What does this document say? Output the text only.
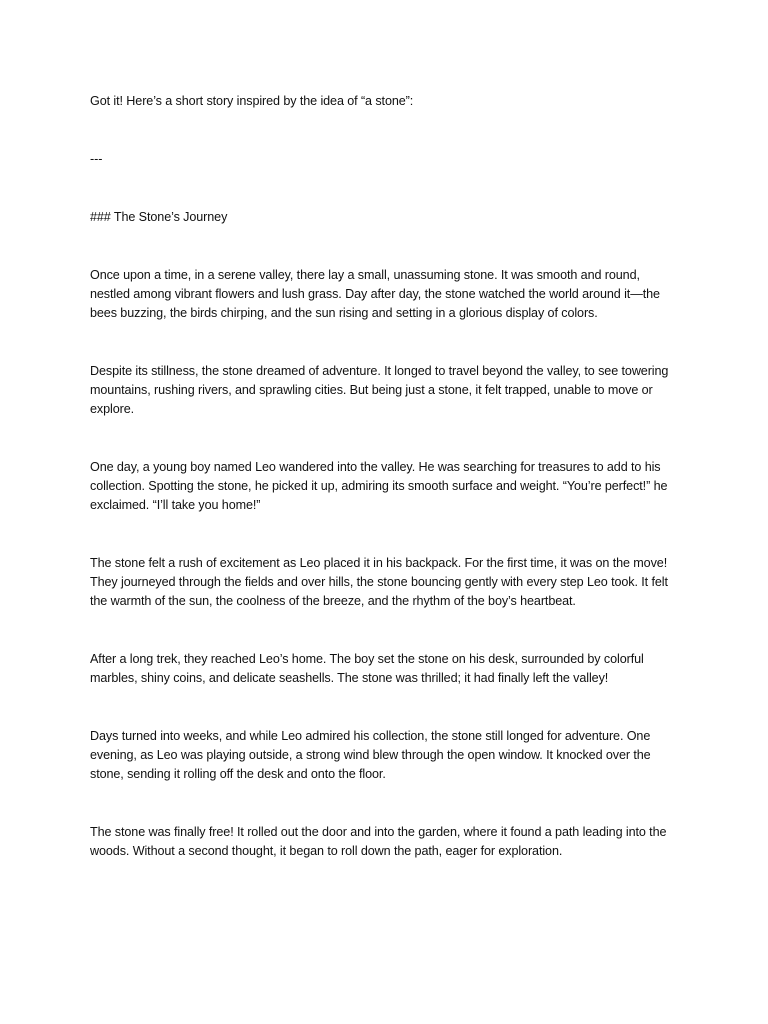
Got it! Here’s a short story inspired by the idea of “a stone”:

---

### The Stone’s Journey

Once upon a time, in a serene valley, there lay a small, unassuming stone. It was smooth and round, nestled among vibrant flowers and lush grass. Day after day, the stone watched the world around it—the bees buzzing, the birds chirping, and the sun rising and setting in a glorious display of colors.

Despite its stillness, the stone dreamed of adventure. It longed to travel beyond the valley, to see towering mountains, rushing rivers, and sprawling cities. But being just a stone, it felt trapped, unable to move or explore.

One day, a young boy named Leo wandered into the valley. He was searching for treasures to add to his collection. Spotting the stone, he picked it up, admiring its smooth surface and weight. “You’re perfect!” he exclaimed. “I’ll take you home!”

The stone felt a rush of excitement as Leo placed it in his backpack. For the first time, it was on the move! They journeyed through the fields and over hills, the stone bouncing gently with every step Leo took. It felt the warmth of the sun, the coolness of the breeze, and the rhythm of the boy’s heartbeat.

After a long trek, they reached Leo’s home. The boy set the stone on his desk, surrounded by colorful marbles, shiny coins, and delicate seashells. The stone was thrilled; it had finally left the valley!

Days turned into weeks, and while Leo admired his collection, the stone still longed for adventure. One evening, as Leo was playing outside, a strong wind blew through the open window. It knocked over the stone, sending it rolling off the desk and onto the floor.

The stone was finally free! It rolled out the door and into the garden, where it found a path leading into the woods. Without a second thought, it began to roll down the path, eager for exploration.
